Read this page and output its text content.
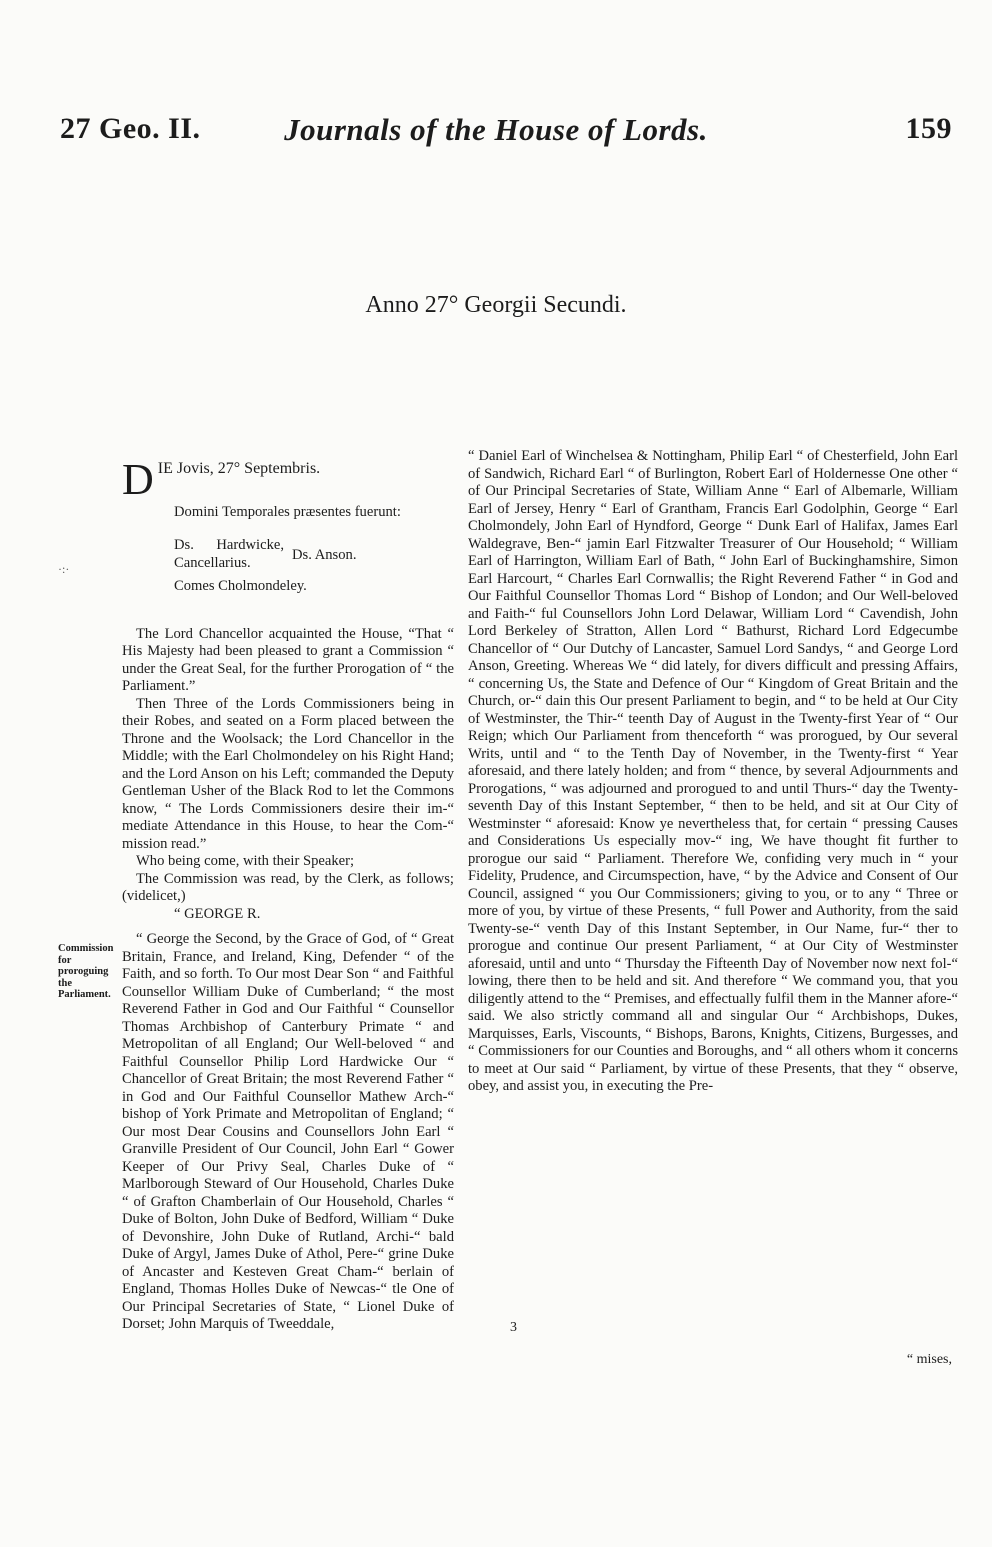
27 Geo. II.	Journals of the House of Lords.	159
Anno 27° Georgii Secundi.
·:·

D IE Jovis, 27° Septembris.

Domini Temporales præsentes fuerunt:

Ds. Hardwicke, Cancellarius.	Ds. Anson.

Comes Cholmondeley.

The Lord Chancellor acquainted the House, “That “ His Majesty had been pleased to grant a Commission “ under the Great Seal, for the further Prorogation of “ the Parliament.”

Then Three of the Lords Commissioners being in their Robes, and seated on a Form placed between the Throne and the Woolsack; the Lord Chancellor in the Middle; with the Earl Cholmondeley on his Right Hand; and the Lord Anson on his Left; commanded the Deputy Gentleman Usher of the Black Rod to let the Commons know, “ The Lords Commissioners desire their im-“ mediate Attendance in this House, to hear the Com-“ mission read.”

Who being come, with their Speaker;

The Commission was read, by the Clerk, as follows; (videlicet,)

“ GEORGE R.

“ George the Second, by the Grace of God, of “ Great Britain, France, and Ireland, King, Defender “ of the Faith, and so forth. To Our most Dear Son “ and Faithful Counsellor William Duke of Cumberland; “ the most Reverend Father in God and Our Faithful “ Counsellor Thomas Archbishop of Canterbury Primate “ and Metropolitan of all England; Our Well-beloved “ and Faithful Counsellor Philip Lord Hardwicke Our “ Chancellor of Great Britain; the most Reverend Father “ in God and Our Faithful Counsellor Mathew Arch-“ bishop of York Primate and Metropolitan of England; “ Our most Dear Cousins and Counsellors John Earl “ Granville President of Our Council, John Earl “ Gower Keeper of Our Privy Seal, Charles Duke of “ Marlborough Steward of Our Household, Charles Duke “ of Grafton Chamberlain of Our Household, Charles “ Duke of Bolton, John Duke of Bedford, William “ Duke of Devonshire, John Duke of Rutland, Archi-“ bald Duke of Argyl, James Duke of Athol, Pere-“ grine Duke of Ancaster and Kesteven Great Cham-“ berlain of England, Thomas Holles Duke of Newcas-“ tle One of Our Principal Secretaries of State, “ Lionel Duke of Dorset; John Marquis of Tweeddale,

Commission for proroguing the Parliament.

“ Daniel Earl of Winchelsea & Nottingham, Philip Earl “ of Chesterfield, John Earl of Sandwich, Richard Earl “ of Burlington, Robert Earl of Holdernesse One other “ of Our Principal Secretaries of State, William Anne “ Earl of Albemarle, William Earl of Jersey, Henry “ Earl of Grantham, Francis Earl Godolphin, George “ Earl Cholmondely, John Earl of Hyndford, George “ Dunk Earl of Halifax, James Earl Waldegrave, Ben-“ jamin Earl Fitzwalter Treasurer of Our Household; “ William Earl of Harrington, William Earl of Bath, “ John Earl of Buckinghamshire, Simon Earl Harcourt, “ Charles Earl Cornwallis; the Right Reverend Father “ in God and Our Faithful Counsellor Thomas Lord “ Bishop of London; and Our Well-beloved and Faith-“ ful Counsellors John Lord Delawar, William Lord “ Cavendish, John Lord Berkeley of Stratton, Allen Lord “ Bathurst, Richard Lord Edgecumbe Chancellor of “ Our Dutchy of Lancaster, Samuel Lord Sandys, “ and George Lord Anson, Greeting. Whereas We “ did lately, for divers difficult and pressing Affairs, “ concerning Us, the State and Defence of Our “ Kingdom of Great Britain and the Church, or-“ dain this Our present Parliament to begin, and “ to be held at Our City of Westminster, the Thir-“ teenth Day of August in the Twenty-first Year of “ Our Reign; which Our Parliament from thenceforth “ was prorogued, by Our several Writs, until and “ to the Tenth Day of November, in the Twenty-first “ Year aforesaid, and there lately holden; and from “ thence, by several Adjournments and Prorogations, “ was adjourned and prorogued to and until Thurs-“ day the Twenty-seventh Day of this Instant September, “ then to be held, and sit at Our City of Westminster “ aforesaid: Know ye nevertheless that, for certain “ pressing Causes and Considerations Us especially mov-“ ing, We have thought fit further to prorogue our said “ Parliament. Therefore We, confiding very much in “ your Fidelity, Prudence, and Circumspection, have, “ by the Advice and Consent of Our Council, assigned “ you Our Commissioners; giving to you, or to any “ Three or more of you, by virtue of these Presents, “ full Power and Authority, from the said Twenty-se-“ venth Day of this Instant September, in Our Name, fur-“ ther to prorogue and continue Our present Parliament, “ at Our City of Westminster aforesaid, until and unto “ Thursday the Fifteenth Day of November now next fol-“ lowing, there then to be held and sit. And therefore “ We command you, that you diligently attend to the “ Premises, and effectually fulfil them in the Manner afore-“ said. We also strictly command all and singular Our “ Archbishops, Dukes, Marquisses, Earls, Viscounts, “ Bishops, Barons, Knights, Citizens, Burgesses, and “ Commissioners for our Counties and Boroughs, and “ all others whom it concerns to meet at Our said “ Parliament, by virtue of these Presents, that they “ observe, obey, and assist you, in executing the Pre-

3
“ mises,
